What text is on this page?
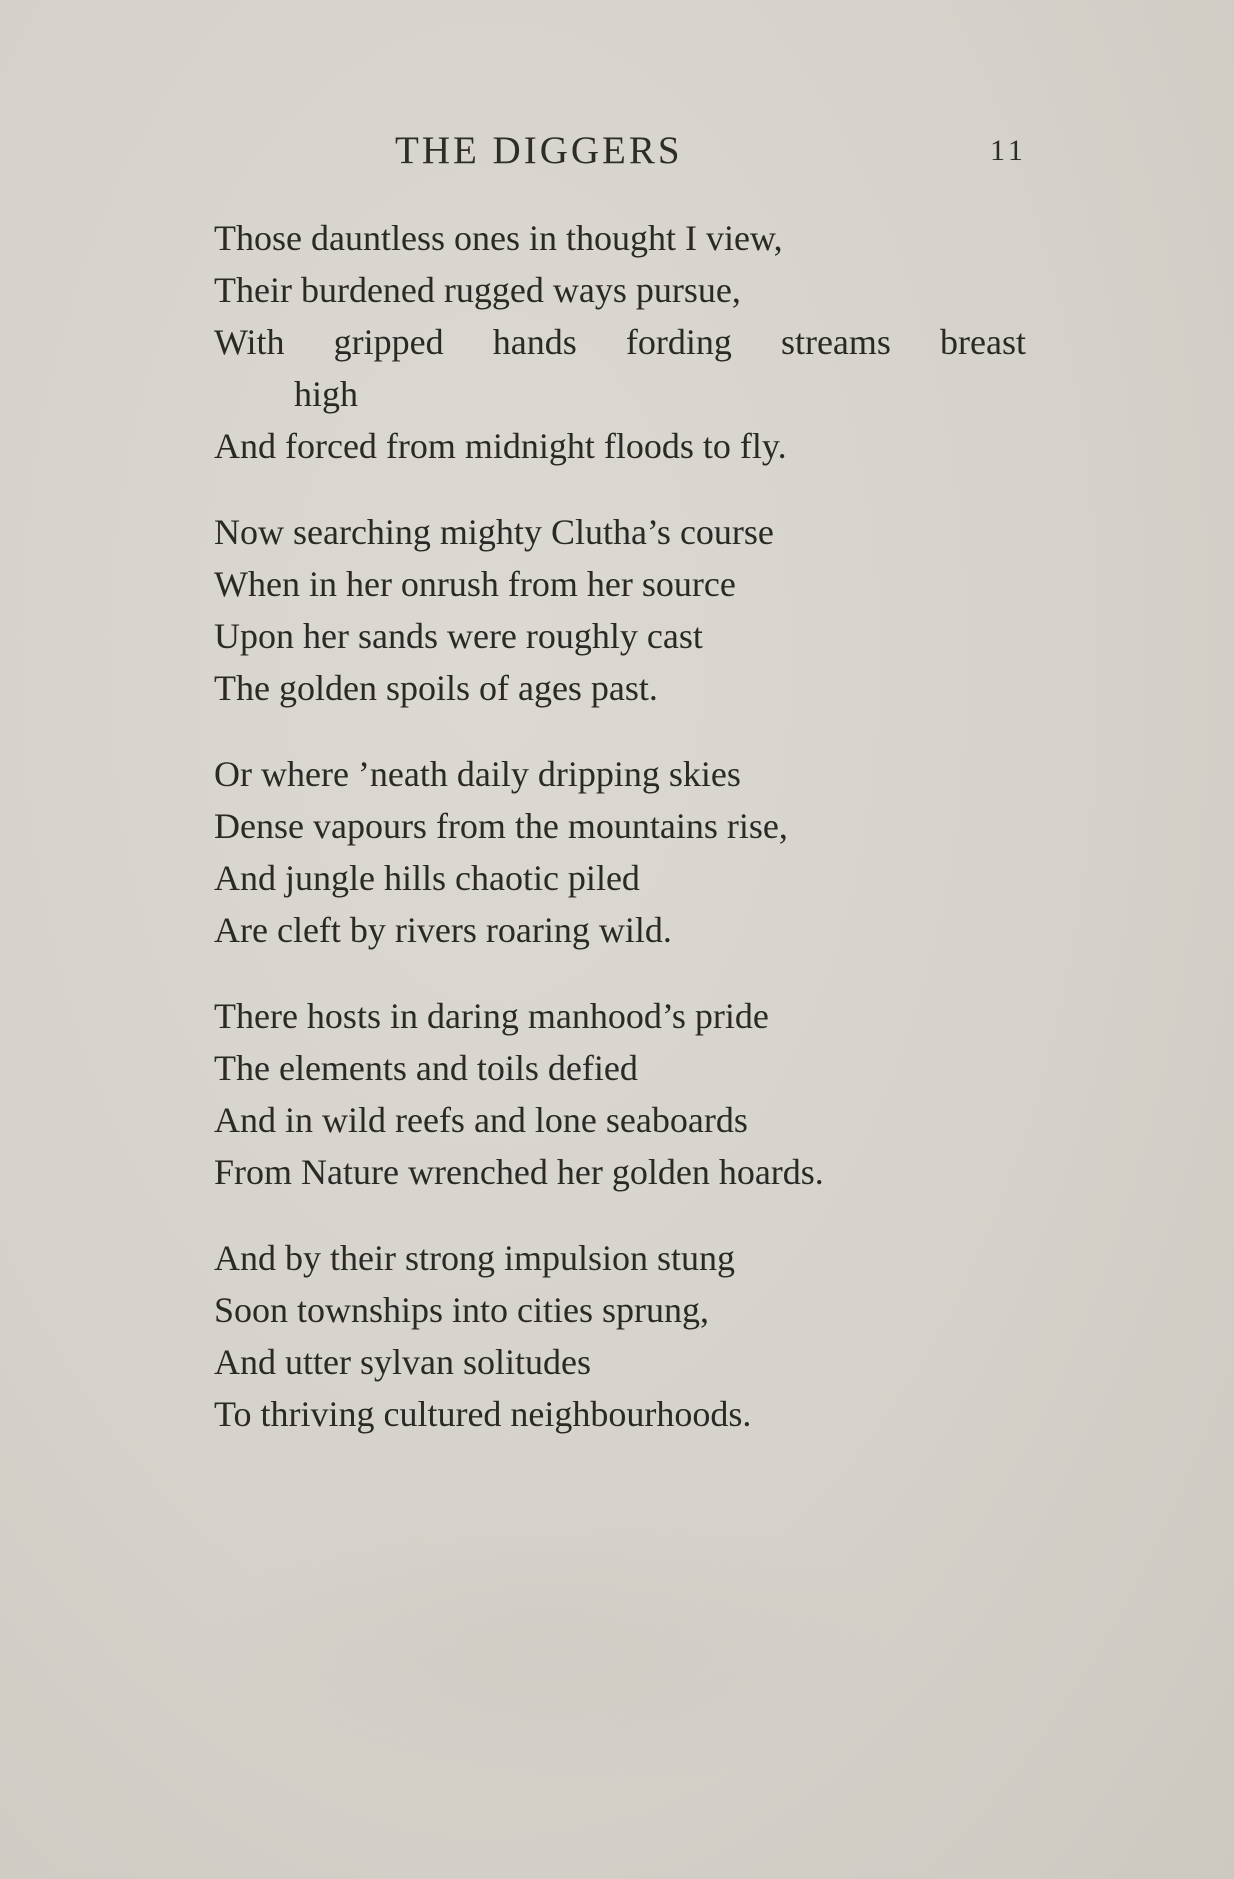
THE DIGGERS	11
Those dauntless ones in thought I view,
Their burdened rugged ways pursue,
With gripped hands fording streams breast
high
And forced from midnight floods to fly.
Now searching mighty Clutha’s course
When in her onrush from her source
Upon her sands were roughly cast
The golden spoils of ages past.
Or where ’neath daily dripping skies
Dense vapours from the mountains rise,
And jungle hills chaotic piled
Are cleft by rivers roaring wild.
There hosts in daring manhood’s pride
The elements and toils defied
And in wild reefs and lone seaboards
From Nature wrenched her golden hoards.
And by their strong impulsion stung
Soon townships into cities sprung,
And utter sylvan solitudes
To thriving cultured neighbourhoods.
